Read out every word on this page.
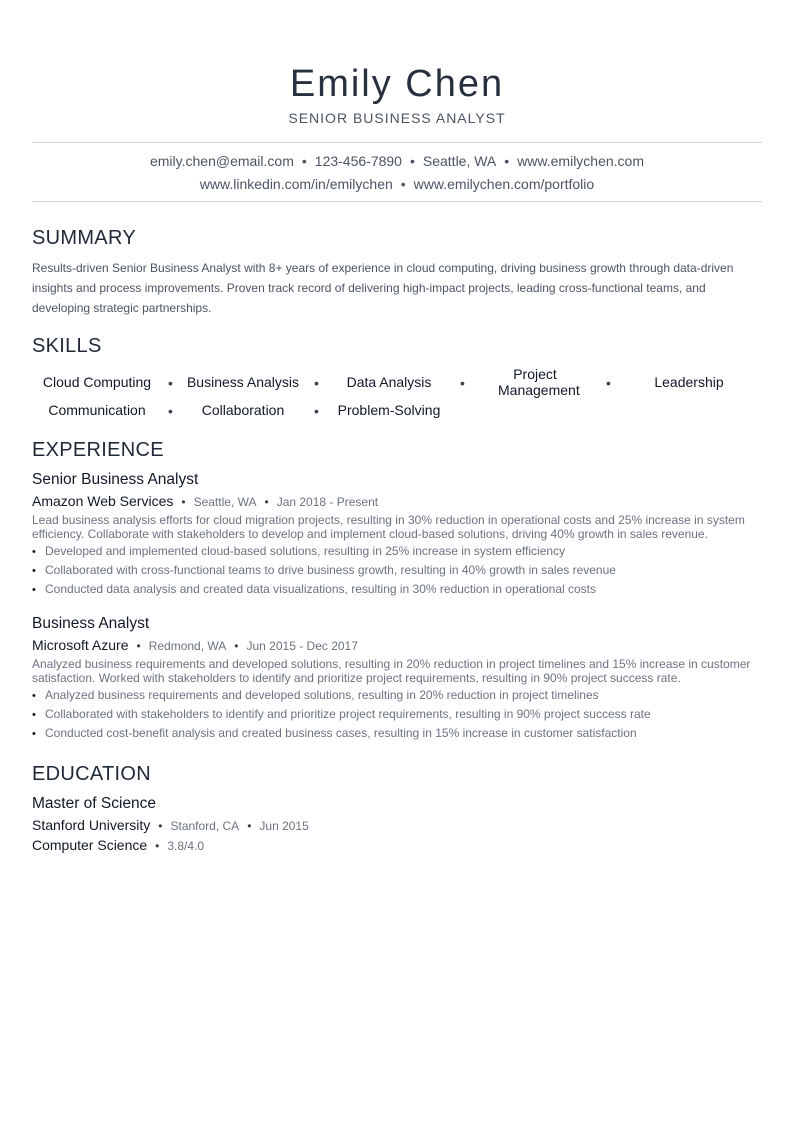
Emily Chen
SENIOR BUSINESS ANALYST
emily.chen@email.com • 123-456-7890 • Seattle, WA • www.emilychen.com
www.linkedin.com/in/emilychen • www.emilychen.com/portfolio
SUMMARY

Results-driven Senior Business Analyst with 8+ years of experience in cloud computing, driving business growth through data-driven insights and process improvements. Proven track record of delivering high-impact projects, leading cross-functional teams, and developing strategic partnerships.

SKILLS
Cloud Computing	•	Business Analysis	•	Data Analysis	•
Project Management	•	Leadership
Communication	•	Collaboration	•	Problem-Solving
EXPERIENCE
Senior Business Analyst
Amazon Web Services • Seattle, WA • Jan 2018 - Present

Lead business analysis efforts for cloud migration projects, resulting in 30% reduction in operational costs and 25% increase in system efficiency. Collaborate with stakeholders to develop and implement cloud-based solutions, driving 40% growth in sales revenue.

• Developed and implemented cloud-based solutions, resulting in 25% increase in system efficiency
• Collaborated with cross-functional teams to drive business growth, resulting in 40% growth in sales revenue
• Conducted data analysis and created data visualizations, resulting in 30% reduction in operational costs
Business Analyst
Microsoft Azure • Redmond, WA • Jun 2015 - Dec 2017

Analyzed business requirements and developed solutions, resulting in 20% reduction in project timelines and 15% increase in customer satisfaction. Worked with stakeholders to identify and prioritize project requirements, resulting in 90% project success rate.

• Analyzed business requirements and developed solutions, resulting in 20% reduction in project timelines
• Collaborated with stakeholders to identify and prioritize project requirements, resulting in 90% project success rate
• Conducted cost-benefit analysis and created business cases, resulting in 15% increase in customer satisfaction
EDUCATION
Master of Science
Stanford University • Stanford, CA • Jun 2015
Computer Science • 3.8/4.0
